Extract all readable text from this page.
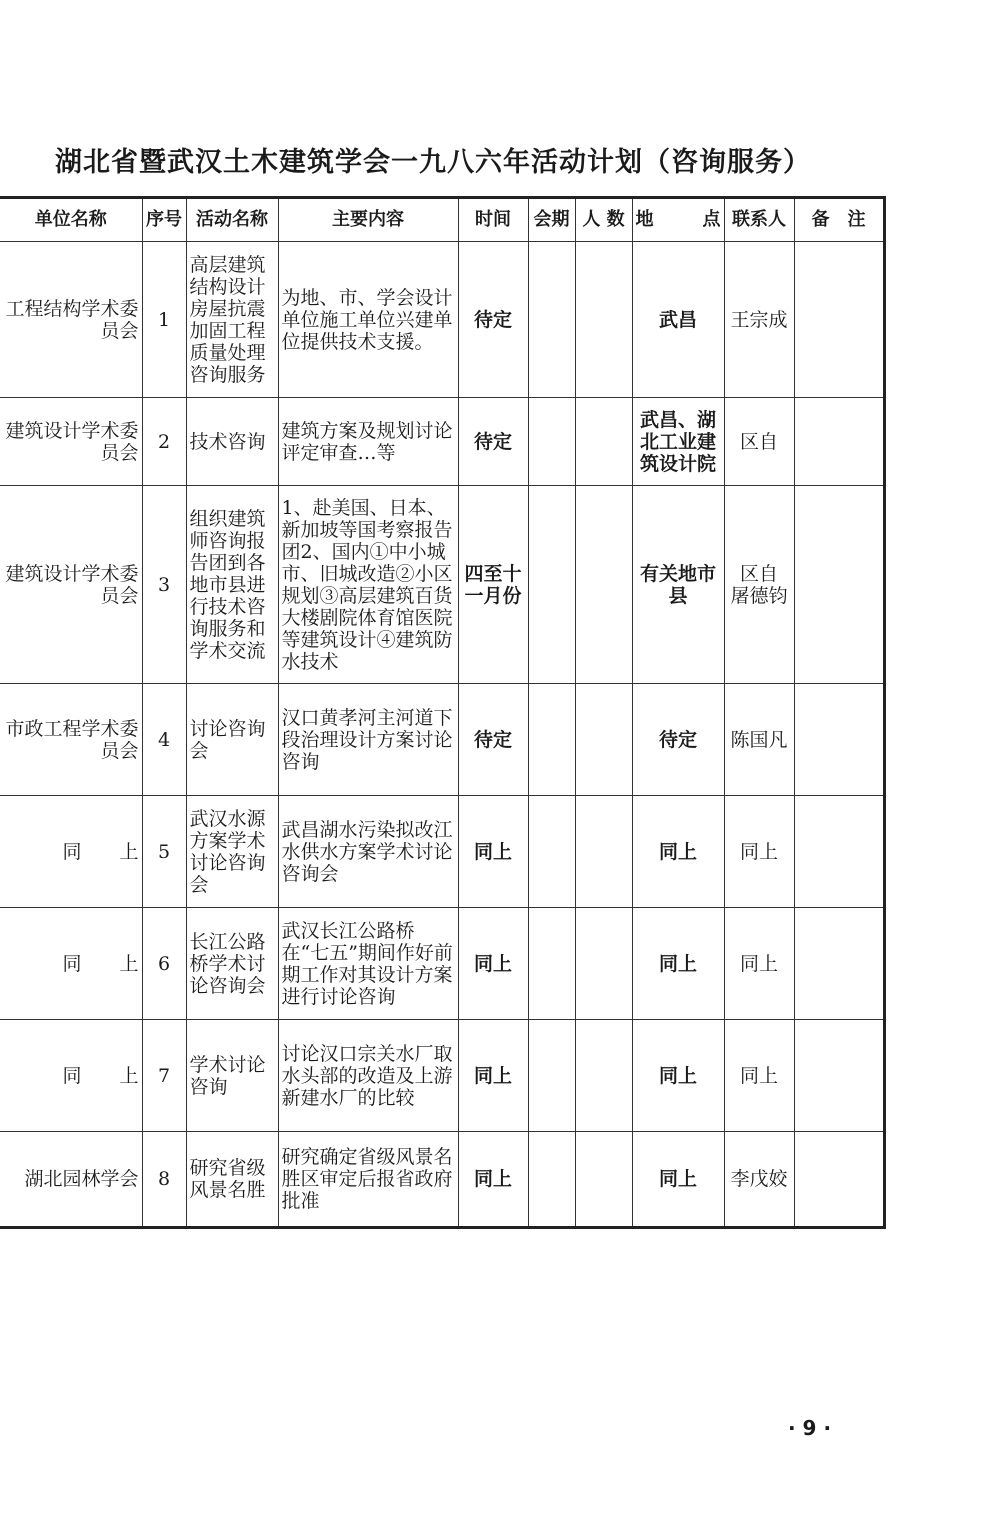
湖北省暨武汉土木建筑学会一九八六年活动计划（咨询服务）
单位名称	序号	活动名称	主要内容	时间	会期	人 数	地 点	联系人	备　注
工程结构学术委员会	1	高层建筑结构设计房屋抗震加固工程质量处理咨询服务	为地、市、学会设计单位施工单位兴建单位提供技术支援。	待定			武昌	王宗成	
建筑设计学术委员会	2	技术咨询	建筑方案及规划讨论评定审查…等	待定			武昌、湖北工业建筑设计院	区自	
建筑设计学术委员会	3	组织建筑师咨询报告团到各地市县进行技术咨询服务和学术交流	1、赴美国、日本、新加坡等国考察报告团2、国内①中小城市、旧城改造②小区规划③高层建筑百货大楼剧院体育馆医院等建筑设计④建筑防水技术	四至十一月份			有关地市县	区自 屠德钧	
市政工程学术委员会	4	讨论咨询会	汉口黄孝河主河道下段治理设计方案讨论咨询	待定			待定	陈国凡	
同　　上	5	武汉水源方案学术讨论咨询会	武昌湖水污染拟改江水供水方案学术讨论咨询会	同上			同上	同上	
同　　上	6	长江公路桥学术讨论咨询会	武汉长江公路桥在“七五”期间作好前期工作对其设计方案进行讨论咨询	同上			同上	同上	
同　　上	7	学术讨论咨询	讨论汉口宗关水厂取水头部的改造及上游新建水厂的比较	同上			同上	同上	
湖北园林学会	8	研究省级风景名胜	研究确定省级风景名胜区审定后报省政府批准	同上			同上	李戊姣	
· 9 ·
